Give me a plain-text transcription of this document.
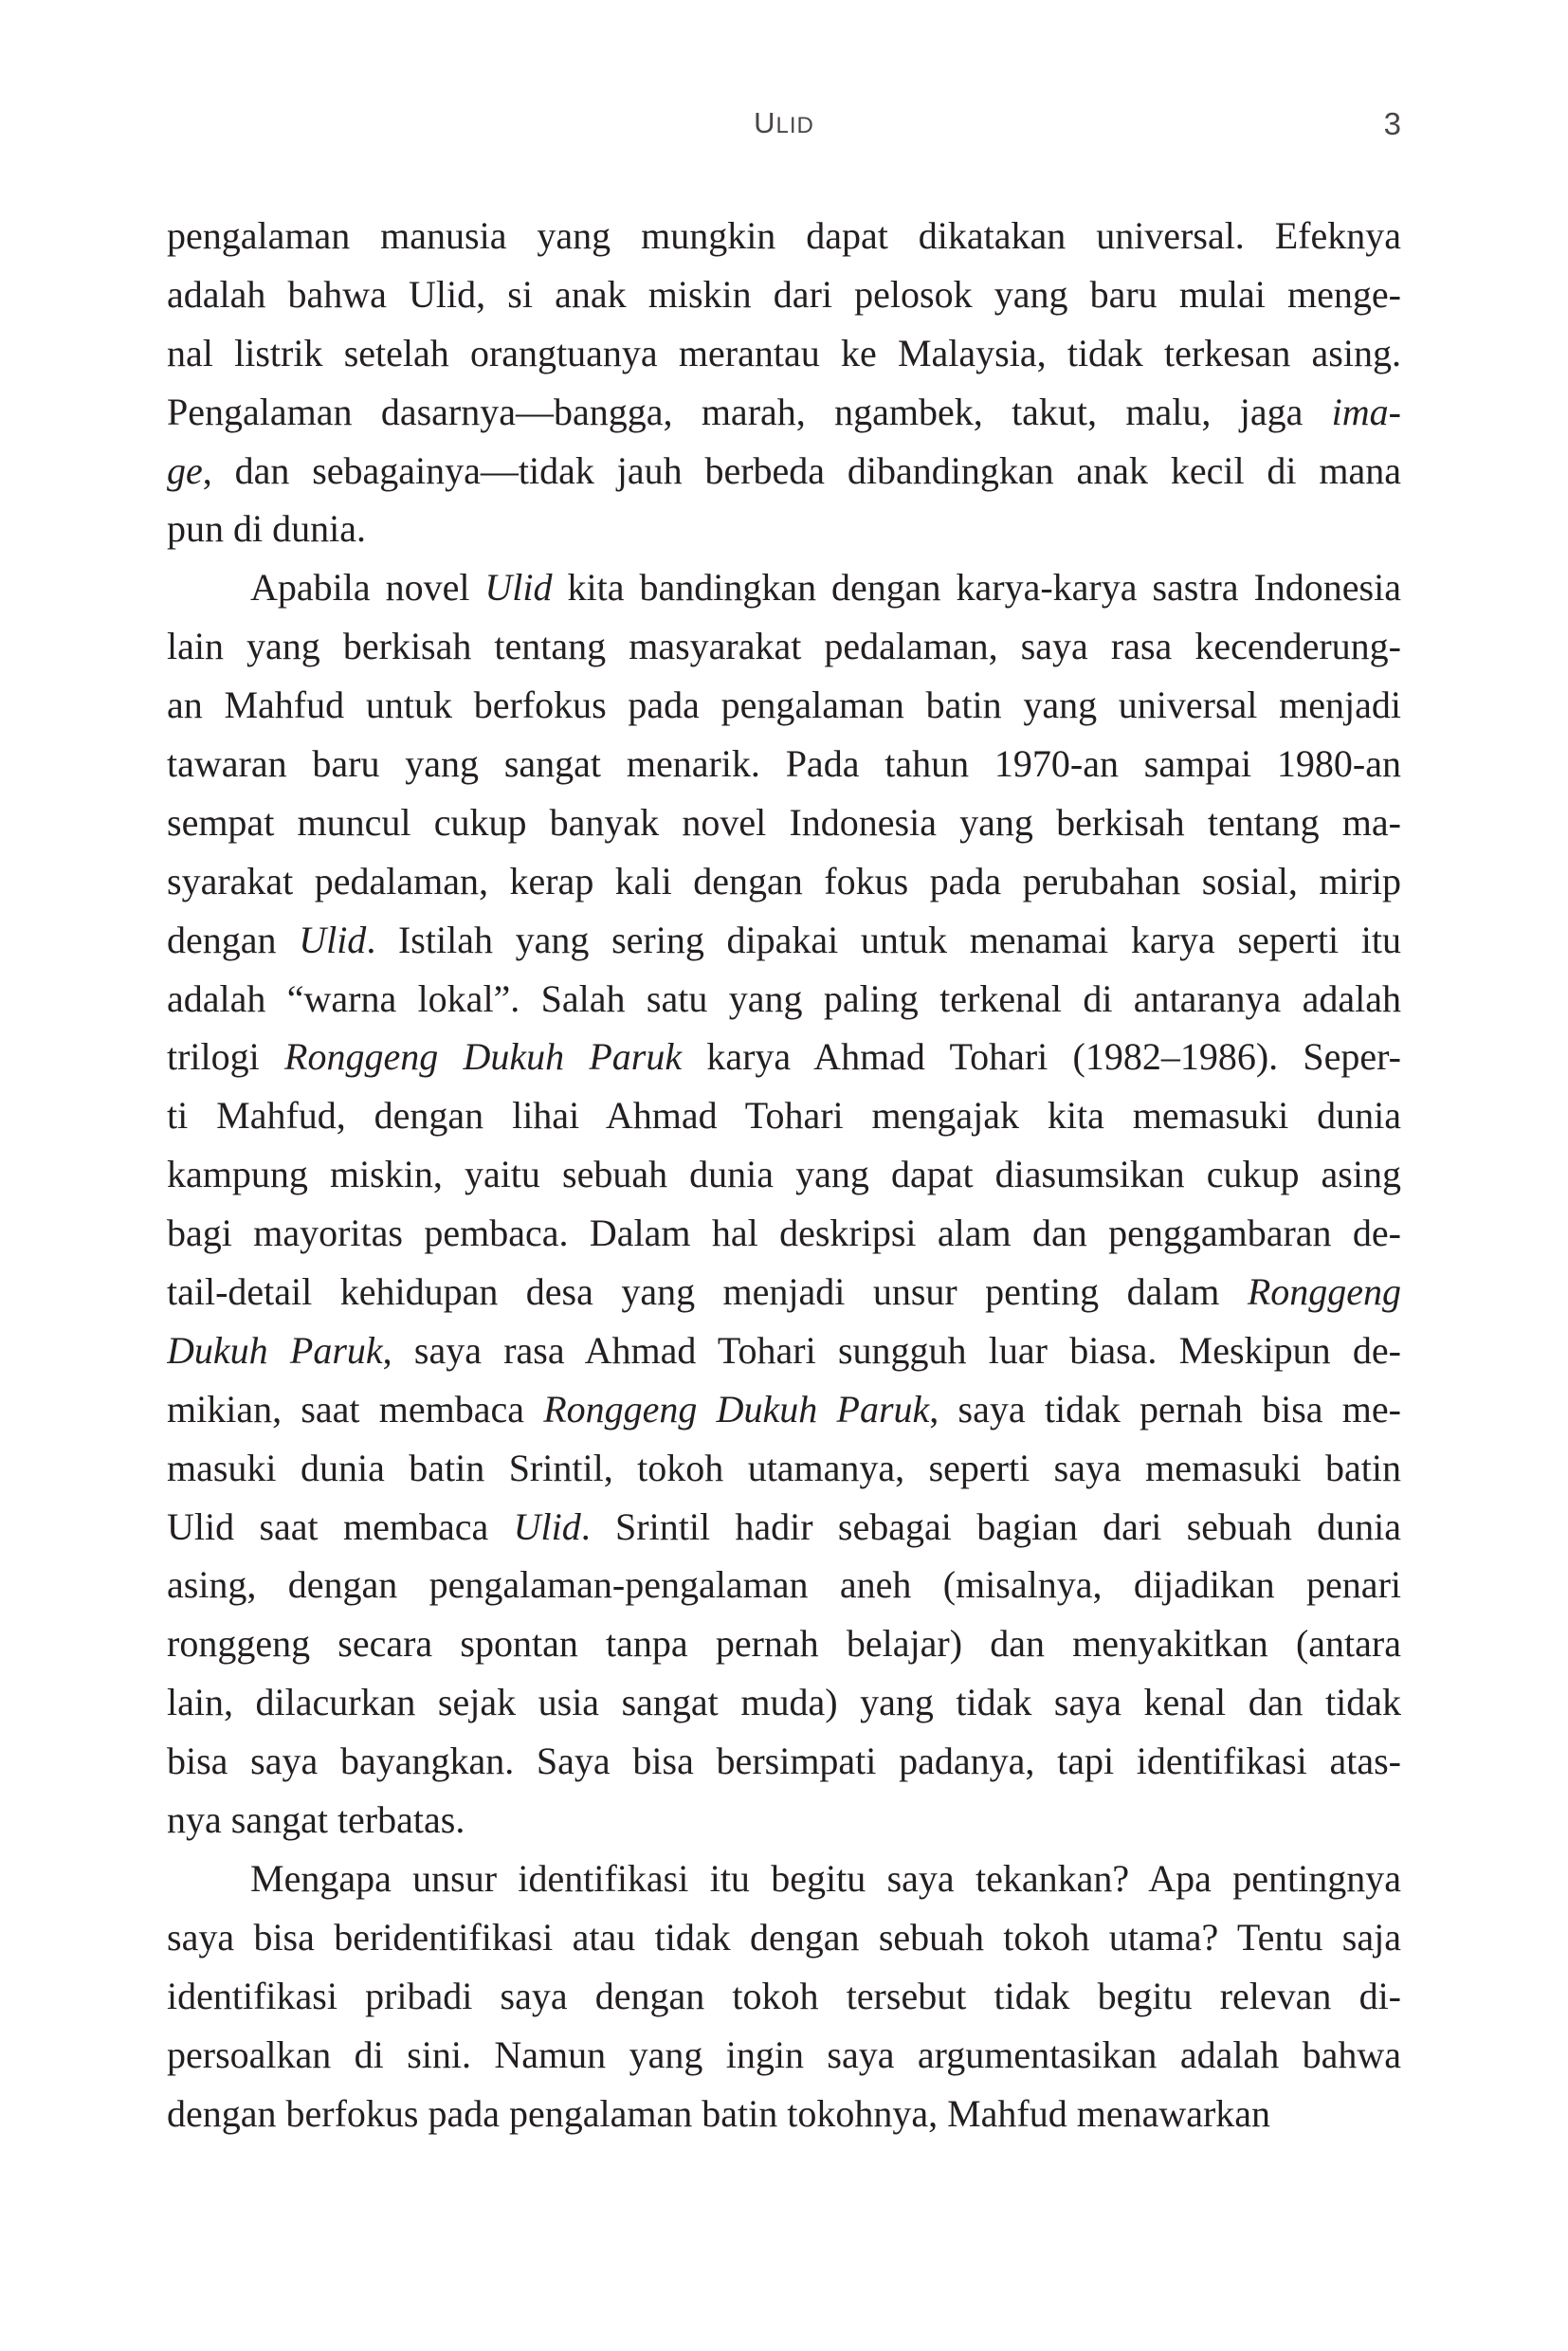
ULID	3
pengalaman manusia yang mungkin dapat dikatakan universal. Efeknya
adalah bahwa Ulid, si anak miskin dari pelosok yang baru mulai menge-
nal listrik setelah orangtuanya merantau ke Malaysia, tidak terkesan asing.
Pengalaman dasarnya—bangga, marah, ngambek, takut, malu, jaga ima-
ge, dan sebagainya—tidak jauh berbeda dibandingkan anak kecil di mana
pun di dunia.
Apabila novel Ulid kita bandingkan dengan karya-karya sastra Indonesia
lain yang berkisah tentang masyarakat pedalaman, saya rasa kecenderung-
an Mahfud untuk berfokus pada pengalaman batin yang universal menjadi
tawaran baru yang sangat menarik. Pada tahun 1970-an sampai 1980-an
sempat muncul cukup banyak novel Indonesia yang berkisah tentang ma-
syarakat pedalaman, kerap kali dengan fokus pada perubahan sosial, mirip
dengan Ulid. Istilah yang sering dipakai untuk menamai karya seperti itu
adalah “warna lokal”. Salah satu yang paling terkenal di antaranya adalah
trilogi Ronggeng Dukuh Paruk karya Ahmad Tohari (1982–1986). Seper-
ti Mahfud, dengan lihai Ahmad Tohari mengajak kita memasuki dunia
kampung miskin, yaitu sebuah dunia yang dapat diasumsikan cukup asing
bagi mayoritas pembaca. Dalam hal deskripsi alam dan penggambaran de-
tail-detail kehidupan desa yang menjadi unsur penting dalam Ronggeng
Dukuh Paruk, saya rasa Ahmad Tohari sungguh luar biasa. Meskipun de-
mikian, saat membaca Ronggeng Dukuh Paruk, saya tidak pernah bisa me-
masuki dunia batin Srintil, tokoh utamanya, seperti saya memasuki batin
Ulid saat membaca Ulid. Srintil hadir sebagai bagian dari sebuah dunia
asing, dengan pengalaman-pengalaman aneh (misalnya, dijadikan penari
ronggeng secara spontan tanpa pernah belajar) dan menyakitkan (antara
lain, dilacurkan sejak usia sangat muda) yang tidak saya kenal dan tidak
bisa saya bayangkan. Saya bisa bersimpati padanya, tapi identifikasi atas-
nya sangat terbatas.
Mengapa unsur identifikasi itu begitu saya tekankan? Apa pentingnya
saya bisa beridentifikasi atau tidak dengan sebuah tokoh utama? Tentu saja
identifikasi pribadi saya dengan tokoh tersebut tidak begitu relevan di-
persoalkan di sini. Namun yang ingin saya argumentasikan adalah bahwa
dengan berfokus pada pengalaman batin tokohnya, Mahfud menawarkan
